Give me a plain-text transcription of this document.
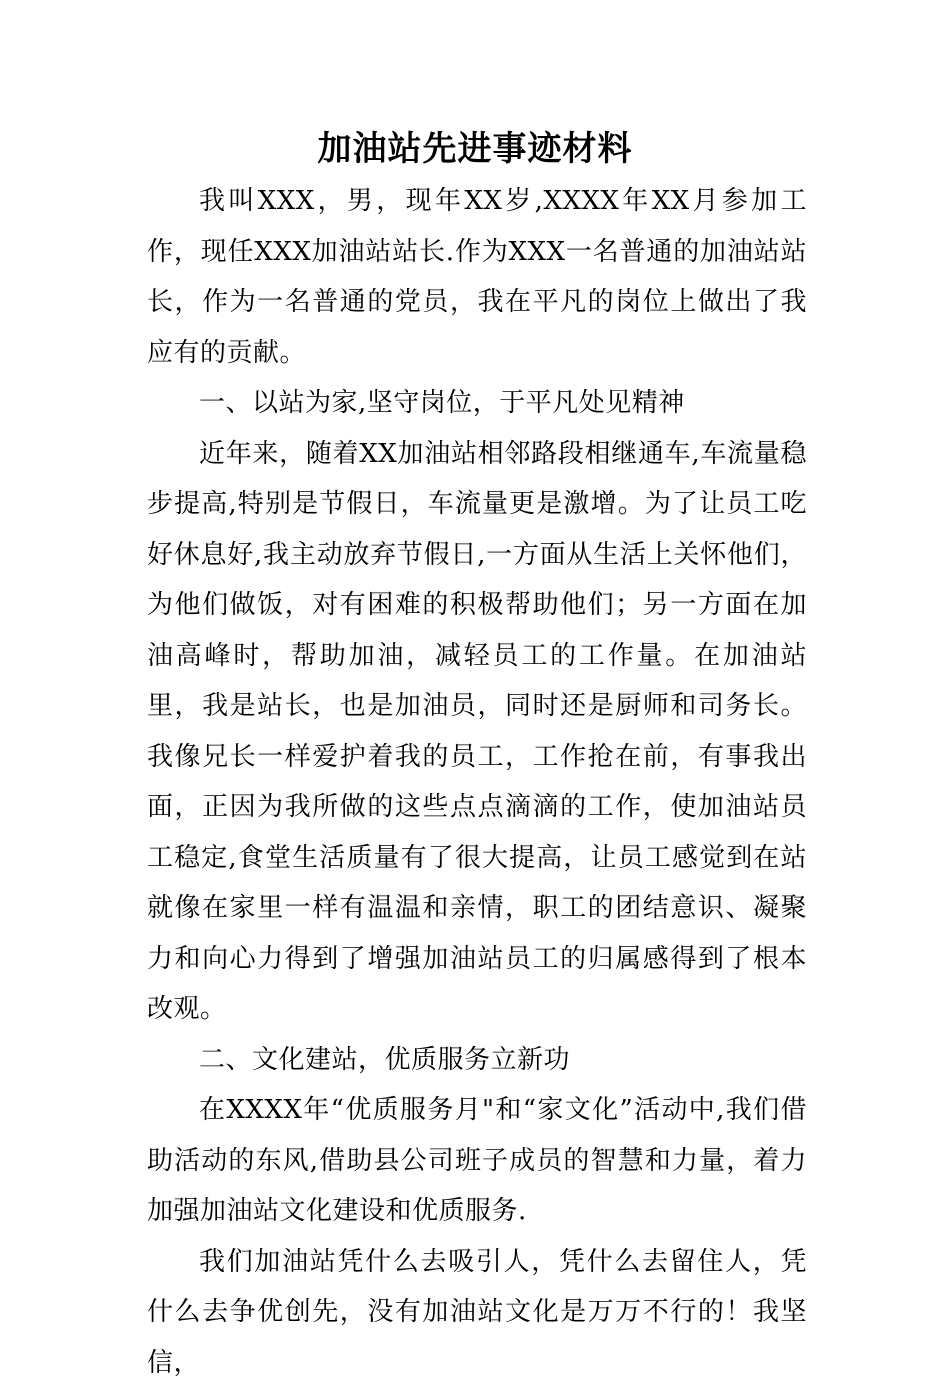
加油站先进事迹材料

我叫XXX，男，现年XX岁,XXXX年XX月参加工作，现任XXX加油站站长.作为XXX一名普通的加油站站长，作为一名普通的党员，我在平凡的岗位上做出了我应有的贡献。

一、以站为家,坚守岗位，于平凡处见精神

近年来，随着XX加油站相邻路段相继通车,车流量稳步提高,特别是节假日，车流量更是激增。为了让员工吃好休息好,我主动放弃节假日,一方面从生活上关怀他们，为他们做饭，对有困难的积极帮助他们；另一方面在加油高峰时，帮助加油，减轻员工的工作量。在加油站里，我是站长，也是加油员，同时还是厨师和司务长。我像兄长一样爱护着我的员工，工作抢在前，有事我出面，正因为我所做的这些点点滴滴的工作，使加油站员工稳定,食堂生活质量有了很大提高，让员工感觉到在站就像在家里一样有温温和亲情，职工的团结意识、凝聚力和向心力得到了增强加油站员工的归属感得到了根本改观。

二、文化建站，优质服务立新功

在XXXX年“优质服务月"和“家文化”活动中,我们借助活动的东风,借助县公司班子成员的智慧和力量，着力加强加油站文化建设和优质服务.

我们加油站凭什么去吸引人，凭什么去留住人，凭什么去争优创先，没有加油站文化是万万不行的！我坚信，
